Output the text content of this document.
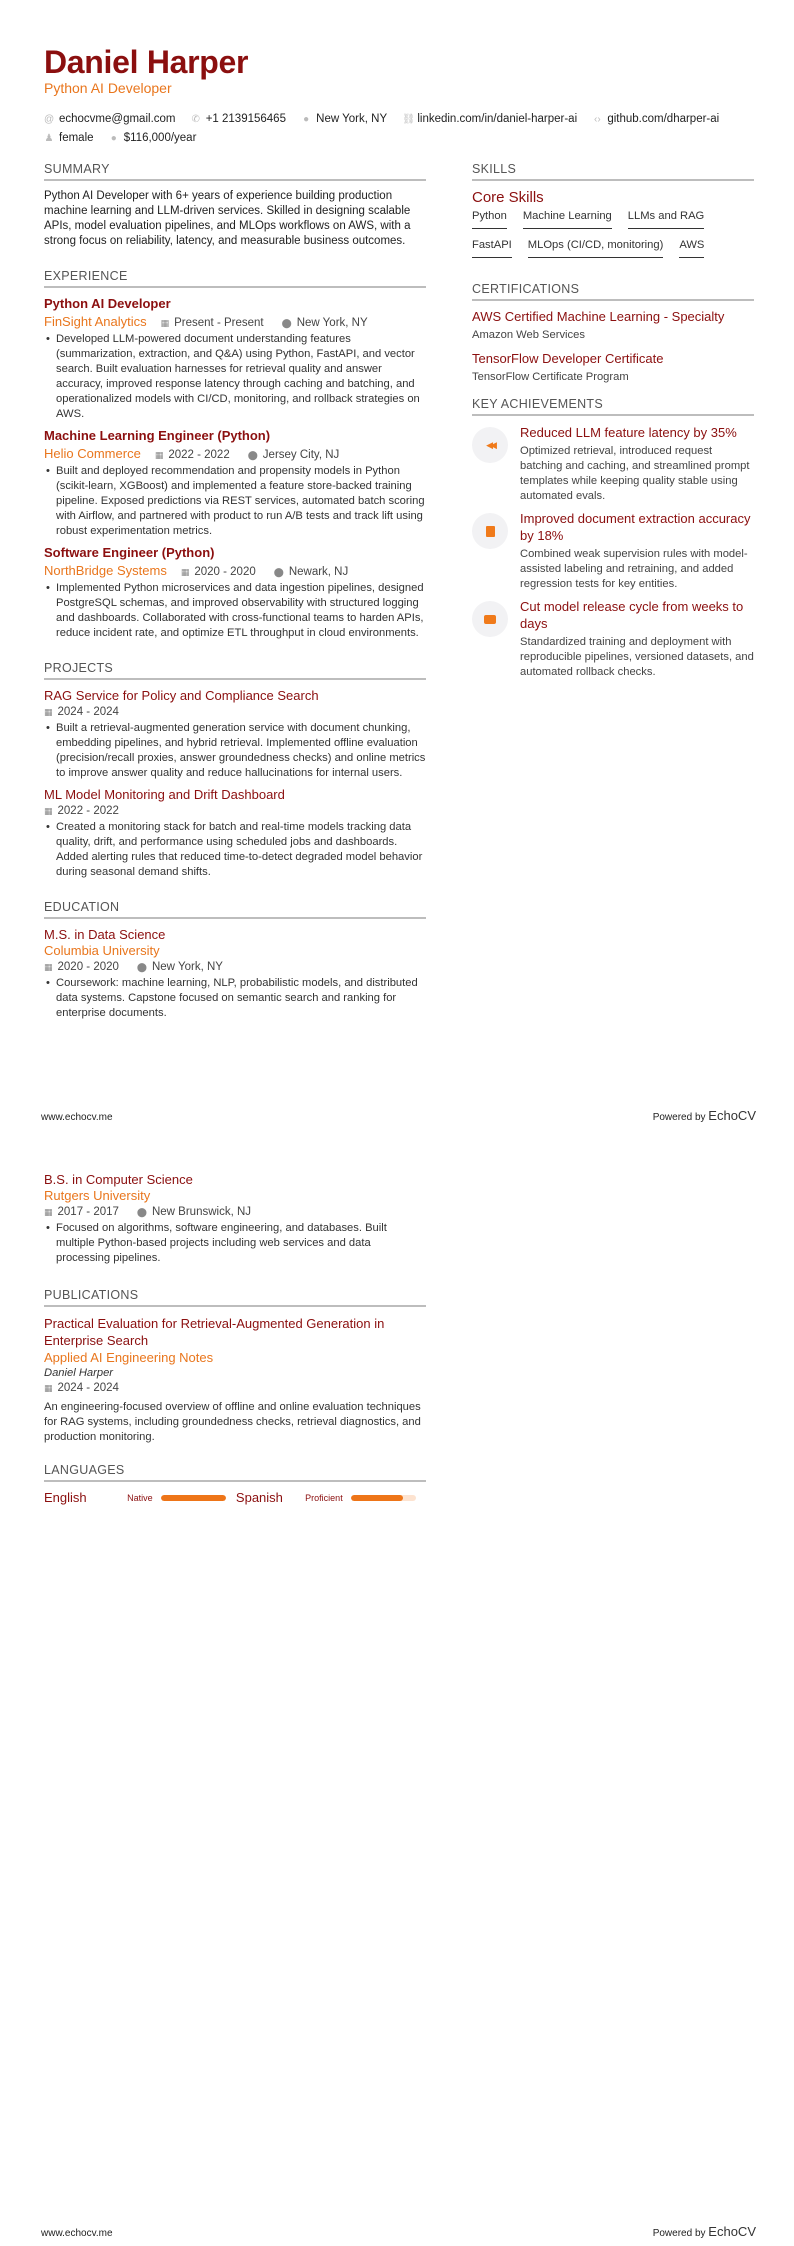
Daniel Harper
Python AI Developer
@ echocvme@gmail.com ✆ +1 2139156465 ● New York, NY ⛓ linkedin.com/in/daniel-harper-ai ‹› github.com/dharper-ai
♟ female ● $116,000/year
SUMMARY
Python AI Developer with 6+ years of experience building production machine learning and LLM-driven services. Skilled in designing scalable APIs, model evaluation pipelines, and MLOps workflows on AWS, with a strong focus on reliability, latency, and measurable business outcomes.
EXPERIENCE
Python AI Developer
FinSight Analytics ▦ Present - Present ⬤ New York, NY
• Developed LLM-powered document understanding features (summarization, extraction, and Q&A) using Python, FastAPI, and vector search. Built evaluation harnesses for retrieval quality and answer accuracy, improved response latency through caching and batching, and operationalized models with CI/CD, monitoring, and rollback strategies on AWS.
Machine Learning Engineer (Python)
Helio Commerce ▦ 2022 - 2022 ⬤ Jersey City, NJ
• Built and deployed recommendation and propensity models in Python (scikit-learn, XGBoost) and implemented a feature store-backed training pipeline. Exposed predictions via REST services, automated batch scoring with Airflow, and partnered with product to run A/B tests and track lift using robust experimentation metrics.
Software Engineer (Python)
NorthBridge Systems ▦ 2020 - 2020 ⬤ Newark, NJ
• Implemented Python microservices and data ingestion pipelines, designed PostgreSQL schemas, and improved observability with structured logging and dashboards. Collaborated with cross-functional teams to harden APIs, reduce incident rate, and optimize ETL throughput in cloud environments.
PROJECTS
RAG Service for Policy and Compliance Search
▦ 2024 - 2024
• Built a retrieval-augmented generation service with document chunking, embedding pipelines, and hybrid retrieval. Implemented offline evaluation (precision/recall proxies, answer groundedness checks) and online metrics to improve answer quality and reduce hallucinations for internal users.
ML Model Monitoring and Drift Dashboard
▦ 2022 - 2022
• Created a monitoring stack for batch and real-time models tracking data quality, drift, and performance using scheduled jobs and dashboards. Added alerting rules that reduced time-to-detect degraded model behavior during seasonal demand shifts.
EDUCATION
M.S. in Data Science
Columbia University
▦ 2020 - 2020 ⬤ New York, NY
• Coursework: machine learning, NLP, probabilistic models, and distributed data systems. Capstone focused on semantic search and ranking for enterprise documents.
SKILLS
Core Skills
Python Machine Learning LLMs and RAG
FastAPI MLOps (CI/CD, monitoring) AWS
CERTIFICATIONS
AWS Certified Machine Learning - Specialty
Amazon Web Services
TensorFlow Developer Certificate
TensorFlow Certificate Program
KEY ACHIEVEMENTS
◀◀
Reduced LLM feature latency by 35%
Optimized retrieval, introduced request batching and caching, and streamlined prompt templates while keeping quality stable using automated evals.
Improved document extraction accuracy by 18%
Combined weak supervision rules with model-assisted labeling and retraining, and added regression tests for key entities.
Cut model release cycle from weeks to days
Standardized training and deployment with reproducible pipelines, versioned datasets, and automated rollback checks.
www.echocv.me	Powered by EchoCV
B.S. in Computer Science
Rutgers University
▦ 2017 - 2017 ⬤ New Brunswick, NJ
• Focused on algorithms, software engineering, and databases. Built multiple Python-based projects including web services and data processing pipelines.
PUBLICATIONS
Practical Evaluation for Retrieval-Augmented Generation in Enterprise Search
Applied AI Engineering Notes
Daniel Harper
▦ 2024 - 2024
An engineering-focused overview of offline and online evaluation techniques for RAG systems, including groundedness checks, retrieval diagnostics, and production monitoring.
LANGUAGES
English	Native	Spanish	Proficient
www.echocv.me	Powered by EchoCV
